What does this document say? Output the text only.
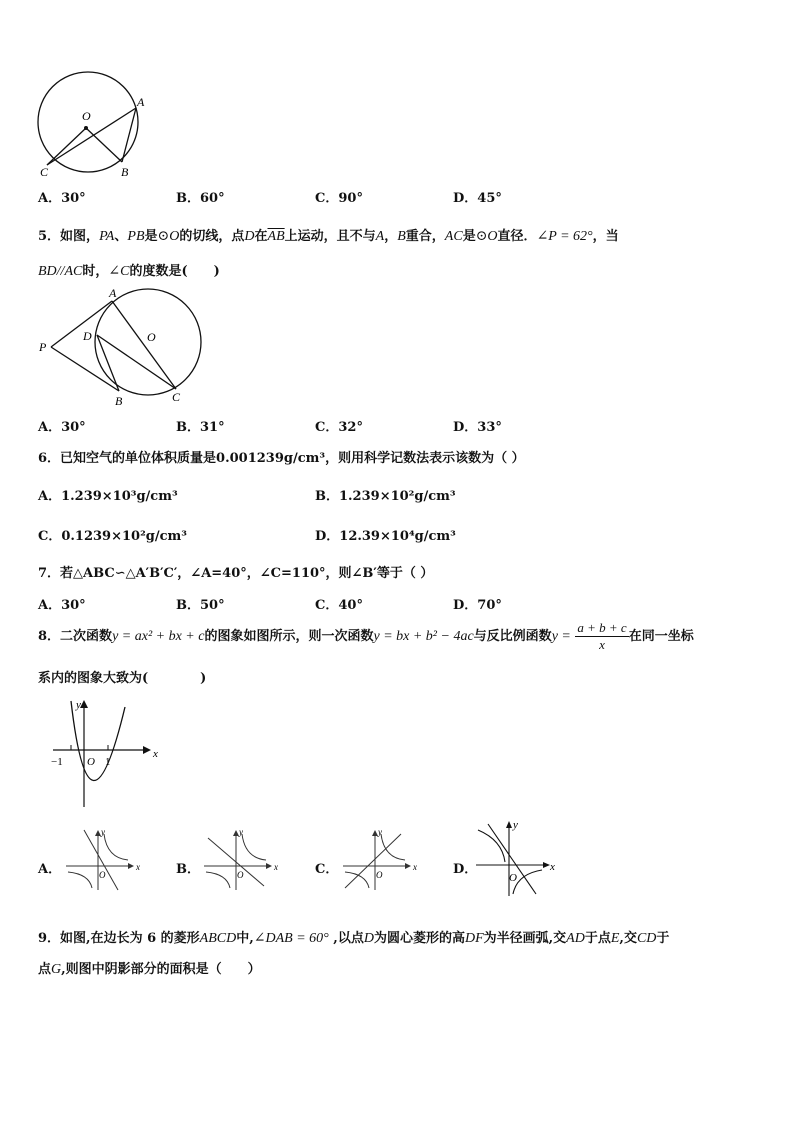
O
A
C	B
A．30°	B．60°	C．90°	D．45°
5．如图，PA、PB是⊙O的切线，点D在$\overline{AB}$上运动，且不与A，B重合，AC是⊙O直径．∠P = 62°，当
BD//AC时，∠C的度数是(　　)
A
P
D	O
B	C
A．30°	B．31°	C．32°	D．33°
6．已知空气的单位体积质量是0.001239g/cm³，则用科学记数法表示该数为（ ）
A．1.239×10³g/cm³	B．1.239×10²g/cm³
C．0.1239×10²g/cm³	D．12.39×10⁴g/cm³
7．若△ABC∽△A′B′C′，∠A=40°，∠C=110°，则∠B′等于（ ）
A．30°	B．50°	C．40°	D．70°
8．二次函数y = ax² + bx + c的图象如图所示，则一次函数y = bx + b² − 4ac与反比例函数$y = \frac{a + b + c}{x}$ 在同一坐标
系内的图象大致为(　　　　)
y
x
−1 O 1
A．	x
y
O	B．	x
y
O	C．	x
y
O	D．	x
y
O
9．如图,在边长为 6 的菱形ABCD中,∠DAB = 60° ,以点D为圆心菱形的高DF为半径画弧,交AD于点E,交CD于
点G,则图中阴影部分的面积是（　　）
